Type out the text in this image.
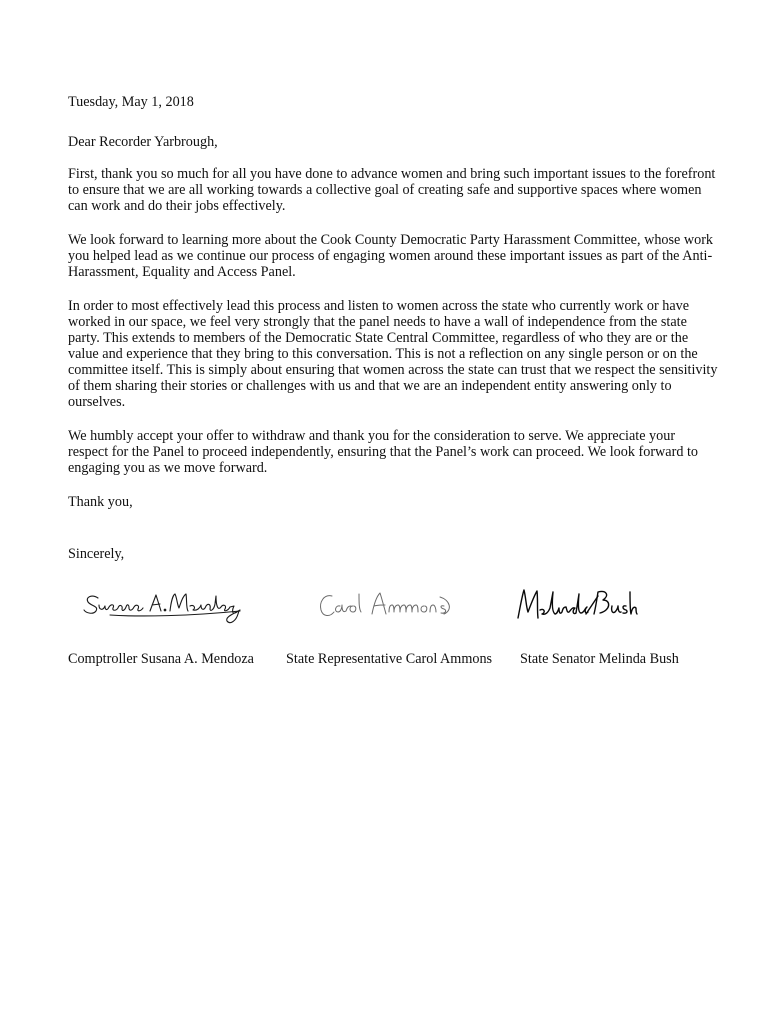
Tuesday, May 1, 2018

Dear Recorder Yarbrough,

First, thank you so much for all you have done to advance women and bring such important issues to the forefront

to ensure that we are all working towards a collective goal of creating safe and supportive spaces where women

can work and do their jobs effectively.

We look forward to learning more about the Cook County Democratic Party Harassment Committee, whose work

you helped lead as we continue our process of engaging women around these important issues as part of the Anti-

Harassment, Equality and Access Panel.

In order to most effectively lead this process and listen to women across the state who currently work or have

worked in our space, we feel very strongly that the panel needs to have a wall of independence from the state

party. This extends to members of the Democratic State Central Committee, regardless of who they are or the

value and experience that they bring to this conversation. This is not a reflection on any single person or on the

committee itself. This is simply about ensuring that women across the state can trust that we respect the sensitivity

of them sharing their stories or challenges with us and that we are an independent entity answering only to

ourselves.

We humbly accept your offer to withdraw and thank you for the consideration to serve. We appreciate your

respect for the Panel to proceed independently, ensuring that the Panel’s work can proceed. We look forward to

engaging you as we move forward.

Thank you,

Sincerely,

Comptroller Susana A. Mendoza State Representative Carol Ammons State Senator Melinda Bush
